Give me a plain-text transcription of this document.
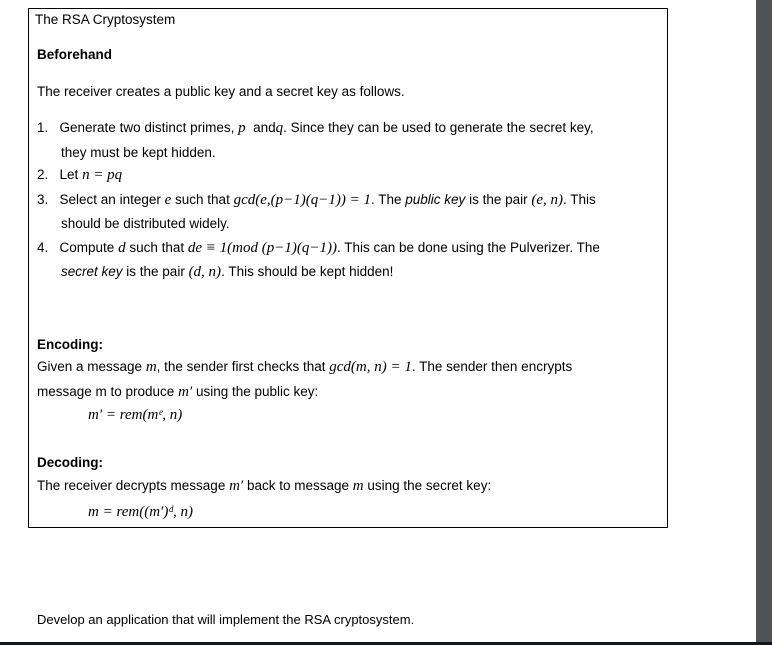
The RSA Cryptosystem
Beforehand
The receiver creates a public key and a secret key as follows.
1. Generate two distinct primes, p  andq. Since they can be used to generate the secret key,
they must be kept hidden.
2. Let n = pq
3. Select an integer e such that gcd(e,(p−1)(q−1)) = 1. The public key is the pair (e, n). This
should be distributed widely.
4. Compute d such that de ≡ 1(mod (p−1)(q−1)). This can be done using the Pulverizer. The
secret key is the pair (d, n). This should be kept hidden!
Encoding:
Given a message m, the sender first checks that gcd(m, n) = 1. The sender then encrypts
message m to produce m′ using the public key:
m′ = rem(mᵉ, n)
Decoding:
The receiver decrypts message m′ back to message m using the secret key:
m = rem((m′)ᵈ, n)
Develop an application that will implement the RSA cryptosystem.
